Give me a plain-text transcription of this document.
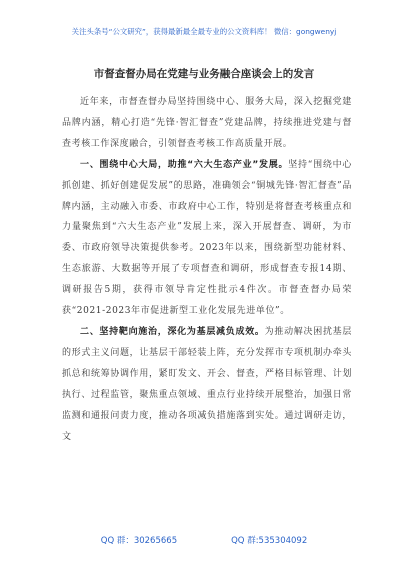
关注头条号“公文研究”，获得最新最全最专业的公文资料库！ 微信：gongwenyj
市督查督办局在党建与业务融合座谈会上的发言

近年来，市督查督办局坚持围绕中心、服务大局，深入挖掘党建品牌内涵，精心打造“先锋·智汇督查”党建品牌，持续推进党建与督查考核工作深度融合，引领督查考核工作高质量开展。

一、围绕中心大局，助推“六大生态产业”发展。坚持“围绕中心抓创建、抓好创建促发展”的思路，准确领会“铜城先锋·智汇督查”品牌内涵，主动融入市委、市政府中心工作，特别是将督查考核重点和力量聚焦到“六大生态产业”发展上来，深入开展督查、调研，为市委、市政府领导决策提供参考。2023年以来，围绕新型功能材料、生态旅游、大数据等开展了专项督查和调研，形成督查专报14期、调研报告5期，获得市领导肯定性批示4件次。市督查督办局荣获“2021-2023年市促进新型工业化发展先进单位”。

二、坚持靶向施治，深化为基层减负成效。为推动解决困扰基层的形式主义问题，让基层干部轻装上阵，充分发挥市专项机制办牵头抓总和统筹协调作用，紧盯发文、开会、督查，严格目标管理、计划执行、过程监管，聚焦重点领域、重点行业持续开展整治，加强日常监测和通报问责力度，推动各项减负措施落到实处。通过调研走访，文

QQ 群：30265665	QQ 群:535304092
